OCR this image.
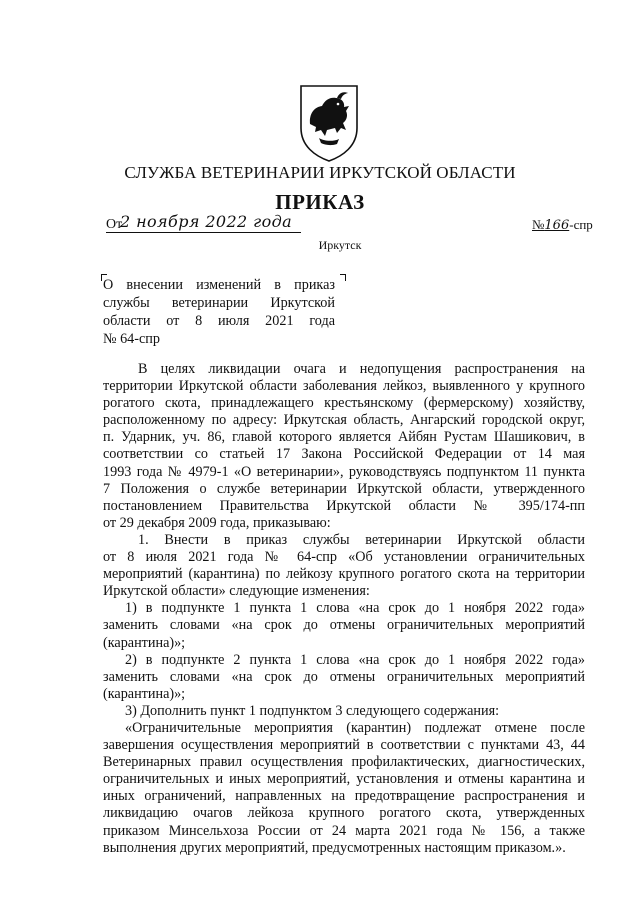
СЛУЖБА ВЕТЕРИНАРИИ ИРКУТСКОЙ ОБЛАСТИ
ПРИКАЗ
От
2 ноября 2022 года	№166-спр
Иркутск
О внесении изменений в приказ
службы ветеринарии Иркутской
области от 8 июля 2021 года
№ 64-спр
В целях ликвидации очага и недопущения распространения на
территории Иркутской области заболевания лейкоз, выявленного у крупного
рогатого скота, принадлежащего крестьянскому (фермерскому) хозяйству,
расположенному по адресу: Иркутская область, Ангарский городской округ,
п. Ударник, уч. 86, главой которого является Айбян Рустам Шашикович, в
соответствии со статьей 17 Закона Российской Федерации от 14 мая
1993 года № 4979-1 «О ветеринарии», руководствуясь подпунктом 11 пункта
7 Положения о службе ветеринарии Иркутской области, утвержденного
постановлением Правительства Иркутской области № 395/174-пп
от 29 декабря 2009 года, приказываю:
1. Внести в приказ службы ветеринарии Иркутской области
от 8 июля 2021 года № 64-спр «Об установлении ограничительных
мероприятий (карантина) по лейкозу крупного рогатого скота на территории
Иркутской области» следующие изменения:
1) в подпункте 1 пункта 1 слова «на срок до 1 ноября 2022 года»
заменить словами «на срок до отмены ограничительных мероприятий
(карантина)»;
2) в подпункте 2 пункта 1 слова «на срок до 1 ноября 2022 года»
заменить словами «на срок до отмены ограничительных мероприятий
(карантина)»;
3) Дополнить пункт 1 подпунктом 3 следующего содержания:
«Ограничительные мероприятия (карантин) подлежат отмене после
завершения осуществления мероприятий в соответствии с пунктами 43, 44
Ветеринарных правил осуществления профилактических, диагностических,
ограничительных и иных мероприятий, установления и отмены карантина и
иных ограничений, направленных на предотвращение распространения и
ликвидацию очагов лейкоза крупного рогатого скота, утвержденных
приказом Минсельхоза России от 24 марта 2021 года № 156, а также
выполнения других мероприятий, предусмотренных настоящим приказом.».
